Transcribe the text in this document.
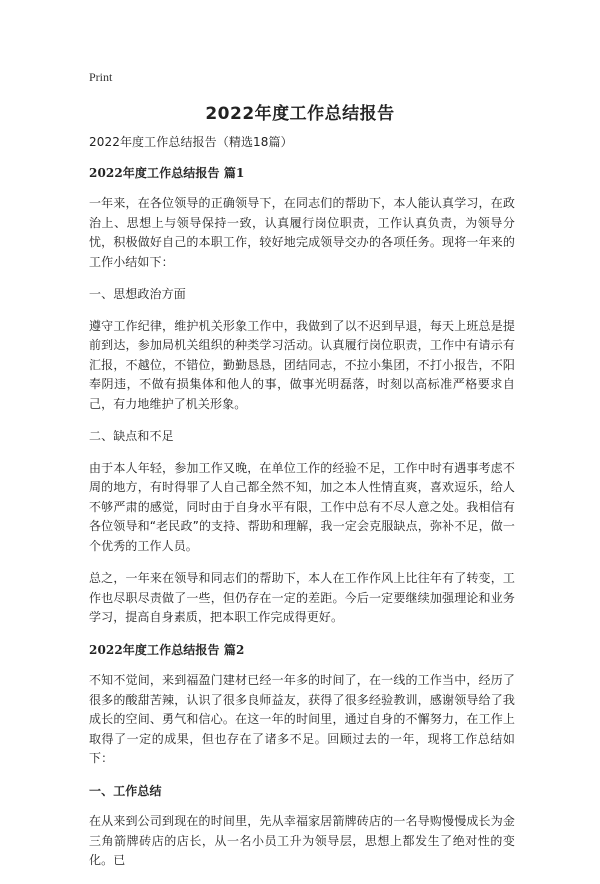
Print
2022年度工作总结报告

2022年度工作总结报告（精选18篇）

2022年度工作总结报告 篇1

一年来，在各位领导的正确领导下，在同志们的帮助下，本人能认真学习，在政治上、思想上与领导保持一致，认真履行岗位职责，工作认真负责，为领导分忧，积极做好自己的本职工作，较好地完成领导交办的各项任务。现将一年来的工作小结如下：

一、思想政治方面

遵守工作纪律，维护机关形象工作中，我做到了以不迟到早退，每天上班总是提前到达，参加局机关组织的种类学习活动。认真履行岗位职责，工作中有请示有汇报，不越位，不错位，勤勤恳恳，团结同志，不拉小集团，不打小报告，不阳奉阴违，不做有损集体和他人的事，做事光明磊落，时刻以高标准严格要求自己，有力地维护了机关形象。

二、缺点和不足

由于本人年轻，参加工作又晚，在单位工作的经验不足，工作中时有遇事考虑不周的地方，有时得罪了人自己都全然不知，加之本人性情直爽，喜欢逗乐，给人不够严肃的感觉，同时由于自身水平有限，工作中总有不尽人意之处。我相信有各位领导和“老民政”的支持、帮助和理解，我一定会克服缺点，弥补不足，做一个优秀的工作人员。

总之，一年来在领导和同志们的帮助下，本人在工作作风上比往年有了转变，工作也尽职尽责做了一些，但仍存在一定的差距。今后一定要继续加强理论和业务学习，提高自身素质，把本职工作完成得更好。

2022年度工作总结报告 篇2

不知不觉间，来到福盈门建材已经一年多的时间了，在一线的工作当中，经历了很多的酸甜苦辣，认识了很多良师益友，获得了很多经验教训，感谢领导给了我成长的空间、勇气和信心。在这一年的时间里，通过自身的不懈努力，在工作上取得了一定的成果，但也存在了诸多不足。回顾过去的一年，现将工作总结如下：

一、工作总结

在从来到公司到现在的时间里，先从幸福家居箭牌砖店的一名导购慢慢成长为金三角箭牌砖店的店长，从一名小员工升为领导层，思想上都发生了绝对性的变化。已
